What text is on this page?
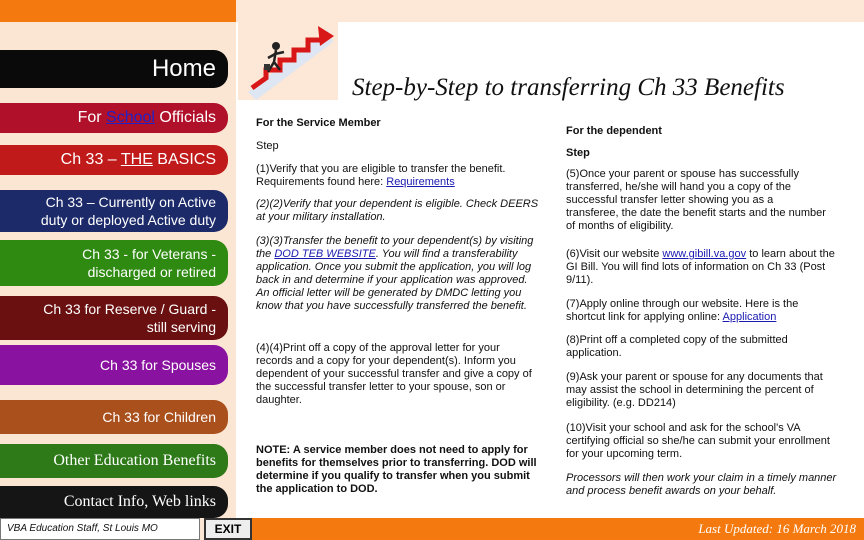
Home
For School Officials
Ch 33 – THE BASICS
Ch 33 – Currently on Active
duty or deployed Active duty
Ch 33 - for Veterans -
discharged or retired
Ch 33 for Reserve / Guard -
still serving
Ch 33 for Spouses
Ch 33 for Children
Other Education Benefits
Contact Info, Web links
Step-by-Step to transferring Ch 33 Benefits
For the Service Member
Step
(1)Verify that you are eligible to transfer the benefit. Requirements found here: Requirements
(2)(2)Verify that your dependent is eligible. Check DEERS at your military installation.
(3)(3)Transfer the benefit to your dependent(s) by visiting the DOD TEB WEBSITE. You will find a transferability application. Once you submit the application, you will log back in and determine if your application was approved. An official letter will be generated by DMDC letting you know that you have successfully transferred the benefit.
(4)(4)Print off a copy of the approval letter for your records and a copy for your dependent(s). Inform you dependent of your successful transfer and give a copy of the successful transfer letter to your spouse, son or daughter.
NOTE: A service member does not need to apply for benefits for themselves prior to transferring. DOD will determine if you qualify to transfer when you submit the application to DOD.
For the dependent
Step
(5)Once your parent or spouse has successfully transferred, he/she will hand you a copy of the successful transfer letter showing you as a transferee, the date the benefit starts and the number of months of eligibility.
(6)Visit our website www.gibill.va.gov to learn about the GI Bill. You will find lots of information on Ch 33 (Post 9/11).
(7)Apply online through our website. Here is the shortcut link for applying online: Application
(8)Print off a completed copy of the submitted application.
(9)Ask your parent or spouse for any documents that may assist the school in determining the percent of eligibility. (e.g. DD214)
(10)Visit your school and ask for the school's VA certifying official so she/he can submit your enrollment for your upcoming term.
Processors will then work your claim in a timely manner and process benefit awards on your behalf.
VBA Education Staff, St Louis MO	EXIT	Last Updated: 16 March 2018
